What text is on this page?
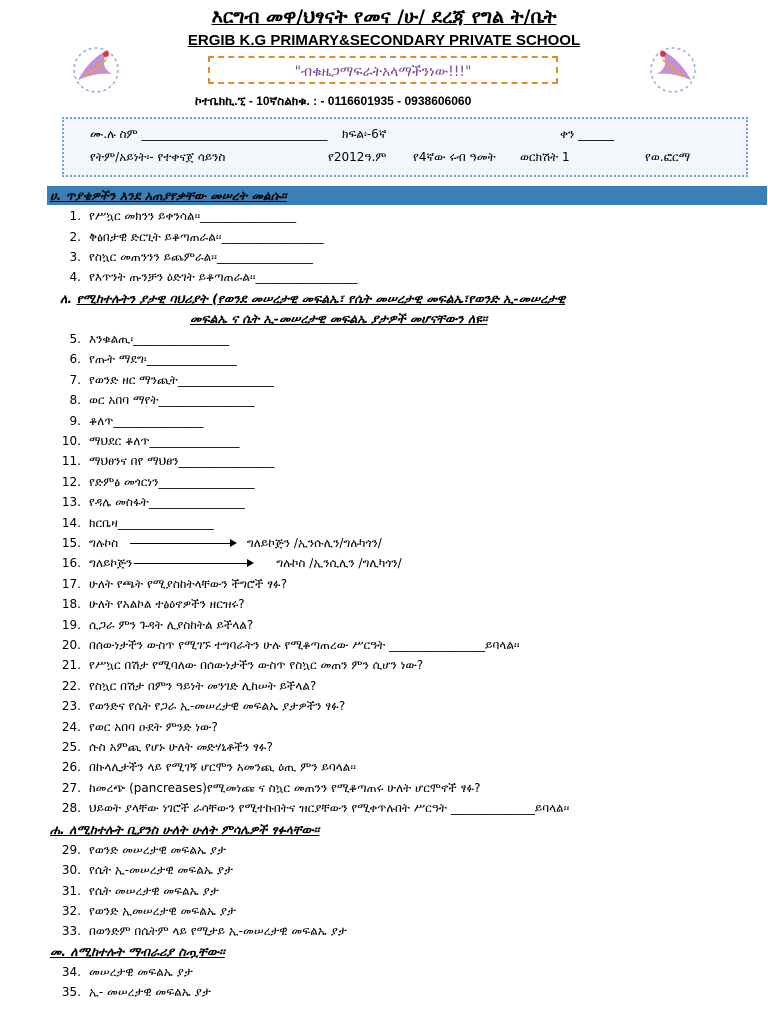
እርግብ መዋ/ህፃናት የመና /ሁ/ ደረጃ የግል ት/ቤት
ERGIB K.G PRIMARY&SECONDARY PRIVATE SCHOOL
"ብቁዜጋማፍራትአላማችንነው!!!"
ኮተቤክኪ.ኚ - 10ኛስልክቁ. : - 0116601935 - 0938606060
ሙ.ሉ ስም _______________________________ ክፍል፡-6ኛ	ቀን ______
የትም/አይነት፡- የተቀናጀ ሳይንስ	የ2012ዓ.ም የ4ኛው ሩብ ዓመት ወርክሽት 1	የወ.ፎርማ
ሀ. ጥያቄዎችን እንደ አጠያየቃቸው መሠረት መልሱ፡፡
1. የሥኳር መክንን ይቀንሳል፡፡________________
2. ቅፅበታዊ ድርጊት ይቆጣጠራል፡፡_________________
3. የስኳር መጠንንን ይጨምራል፡፡________________
4. የእጥንት ጡንቻን ዕድገት ይቆጣጠራል፡፡_________________
ለ. የሚከተሉትን ያታዊ ባህሪያት (የወንደ መሠረታዊ መፍልኤ፣ የሴት መሠረታዊ መፍልኤ፣የወንድ ኢ-መሠረታዊ
መፍልኤ ና ሴት ኢ-መሠረታዊ መፍልኤ ያታዎች መሆናቸውን ለዩ፡፡
5. እንቁልጢ፡________________
6. የጡት ማደግ፡_______________
7. የወንድ ዘር ማንጪት________________
8. ወር አበባ ማየት________________
9. ቆለጥ_______________
10. ማህደር ቆለጥ_______________
11. ማህፀንና በየ ማህፀን________________
12. የድምፅ መጎርነን________________
13. የዳሌ መስፋት________________
14. ክርቤዛ________________
15. ግሉኮስ	ግለይኮጅን /ኢንሱሊን/ግሉካጎን/
16. ግለይኮጅን	ግሉኮስ /ኢንሲሊን /ግሊካጎን/
17. ሁለት የጫት የሚያስከትላቸውን ችግሮች ፃፉ?
18. ሁለት የአልኮል ተፅዕኖዎችን ዘርዝሩ?
19. ሲጋራ ምን ጉዳት ሊያስከትል ይችላል?
20. በሰውነታችን ውስጥ የሚገኙ ተግባራትን ሁሉ የሚቆጣጠረው ሥርዓት ________________ይባላል፡፡
21. የሥኳር በሽታ የሚባለው በሰውነታችን ውስጥ የስኳር መጠን ምን ሲሆን ነው?
22. የስኳር በሽታ በምን ዓይነት መንገድ ሊከሠት ይችላል?
23. የወንድና የሴት የጋራ ኢ-መሠረታዊ መፍልኤ ያታዎችን ፃፉ?
24. የወር አበባ ዑደት ምንድ ነው?
25. ሱስ አምጪ የሆኑ ሁለት መድሃኒቶችን ፃፉ?
26. በኩላሊታችን ላይ የሚገኝ ሆርሞን አመንጪ ዕጢ ምን ይባላል፡፡
27. ከመረጭ (pancreases)የሚመነጩ ና ስኳር መጠንን የሚቆጣጠሩ ሁለት ሆርሞኖች ፃፉ?
28. ህይወት ያላቸው ነገሮች ራሳቸውን የሚተኩበትና ዝርያቸውን የሚቀጥሉበት ሥርዓት ______________ይባላል፡፡
ሐ. ለሚከተሉት ቢያንስ ሁለት ሁለት ምሳሌዎች ፃፉላቸው፡፡
29. የወንድ መሠረታዊ መፍልኤ ያታ
30. የሴት ኢ-መሠረታዊ መፍልኤ ያታ
31. የሴት መሠረታዊ መፍልኤ ያታ
32. የወንድ ኢመሠረታዊ መፍልኤ ያታ
33. በወንድም በሴትም ላይ የሚታይ ኢ-መሠረታዊ መፍልኤ ያታ
መ. ለሚከተሉት ማብራሪያ ስጧቸው፡፡
34. መሠረታዊ መፍልኤ ያታ
35. ኢ- መሠረታዊ መፍልኤ ያታ
